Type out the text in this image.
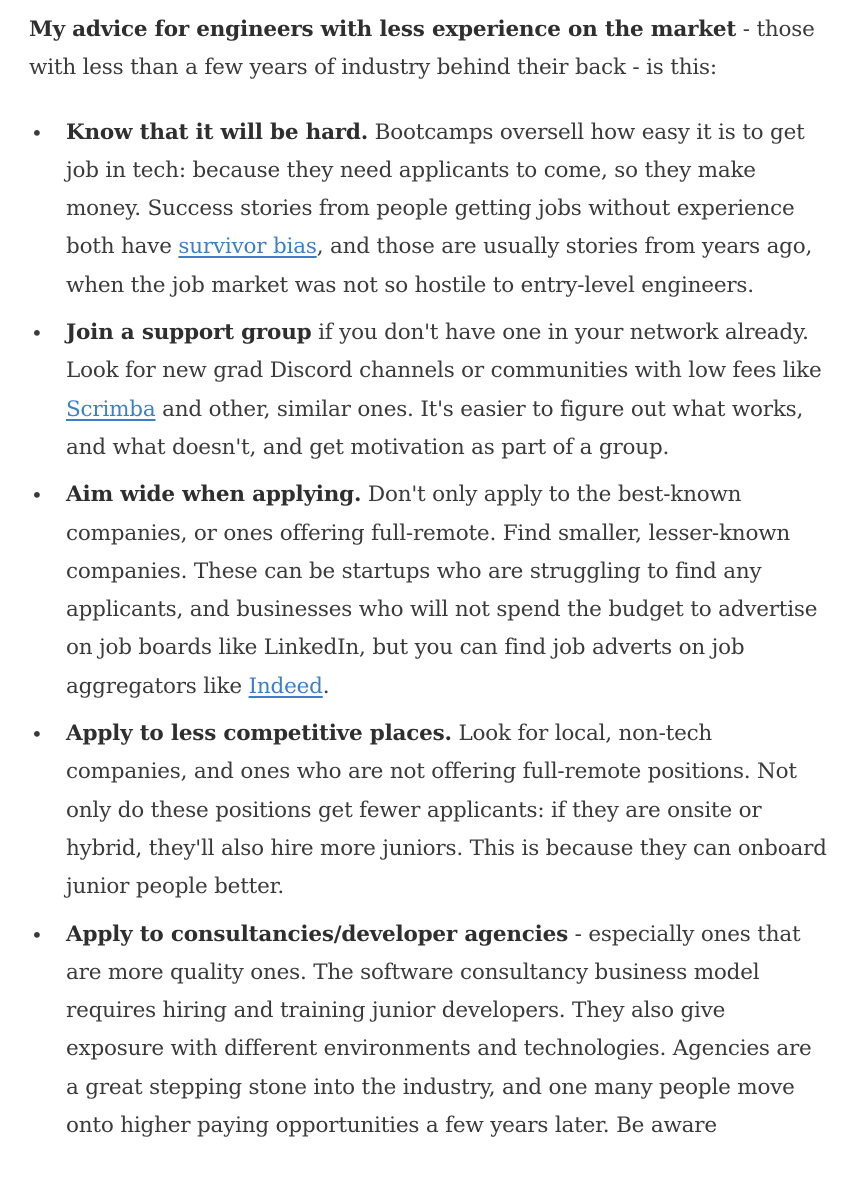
My advice for engineers with less experience on the market - those with less than a few years of industry behind their back - is this:

•	Know that it will be hard. Bootcamps oversell how easy it is to get job in tech: because they need applicants to come, so they make money. Success stories from people getting jobs without experience both have survivor bias, and those are usually stories from years ago, when the job market was not so hostile to entry-level engineers.
•	Join a support group if you don't have one in your network already. Look for new grad Discord channels or communities with low fees like Scrimba and other, similar ones. It's easier to figure out what works, and what doesn't, and get motivation as part of a group.
•	Aim wide when applying. Don't only apply to the best-known companies, or ones offering full-remote. Find smaller, lesser-known companies. These can be startups who are struggling to find any applicants, and businesses who will not spend the budget to advertise on job boards like LinkedIn, but you can find job adverts on job aggregators like Indeed.
•	Apply to less competitive places. Look for local, non-tech companies, and ones who are not offering full-remote positions. Not only do these positions get fewer applicants: if they are onsite or hybrid, they'll also hire more juniors. This is because they can onboard junior people better.
•	Apply to consultancies/developer agencies - especially ones that are more quality ones. The software consultancy business model requires hiring and training junior developers. They also give exposure with different environments and technologies. Agencies are a great stepping stone into the industry, and one many people move onto higher paying opportunities a few years later. Be aware
